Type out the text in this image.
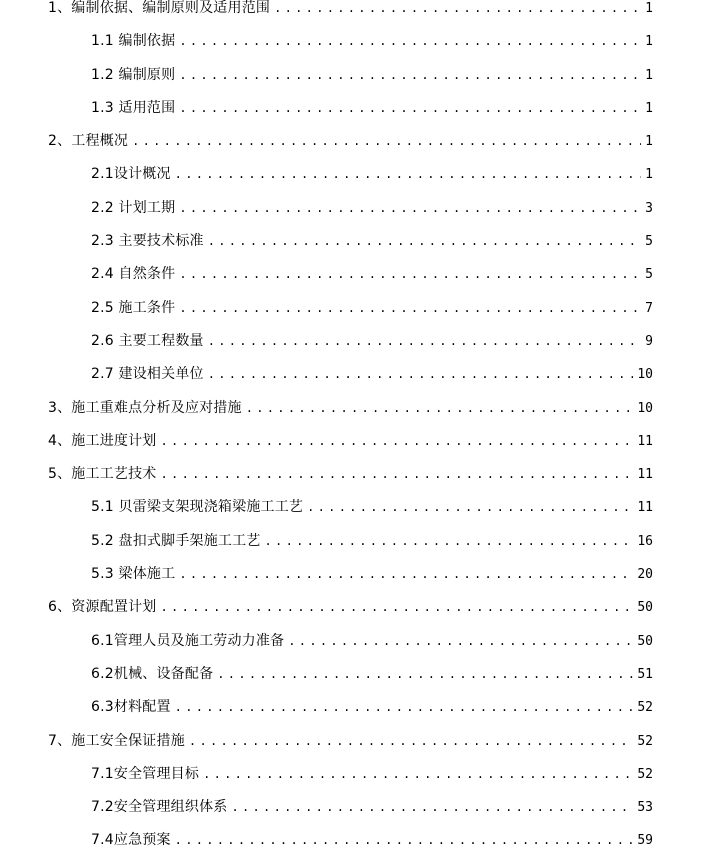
1、编制依据、编制原则及适用范围 .....	1
1.1 编制依据 .....	1
1.2 编制原则 .....	1
1.3 适用范围 .....	1
2、工程概况 .....	1
2.1设计概况 .....	1
2.2 计划工期 .....	3
2.3 主要技术标准 .....	5
2.4 自然条件 .....	5
2.5 施工条件 .....	7
2.6 主要工程数量 .....	9
2.7 建设相关单位 .....	10
3、施工重难点分析及应对措施 .....	10
4、施工进度计划 .....	11
5、施工工艺技术 .....	11
5.1 贝雷梁支架现浇箱梁施工工艺 .....	11
5.2 盘扣式脚手架施工工艺 .....	16
5.3 梁体施工 .....	20
6、资源配置计划 .....	50
6.1管理人员及施工劳动力准备 .....	50
6.2机械、设备配备 .....	51
6.3材料配置 .....	52
7、施工安全保证措施 .....	52
7.1安全管理目标 .....	52
7.2安全管理组织体系 .....	53
7.4应急预案 .....	59
